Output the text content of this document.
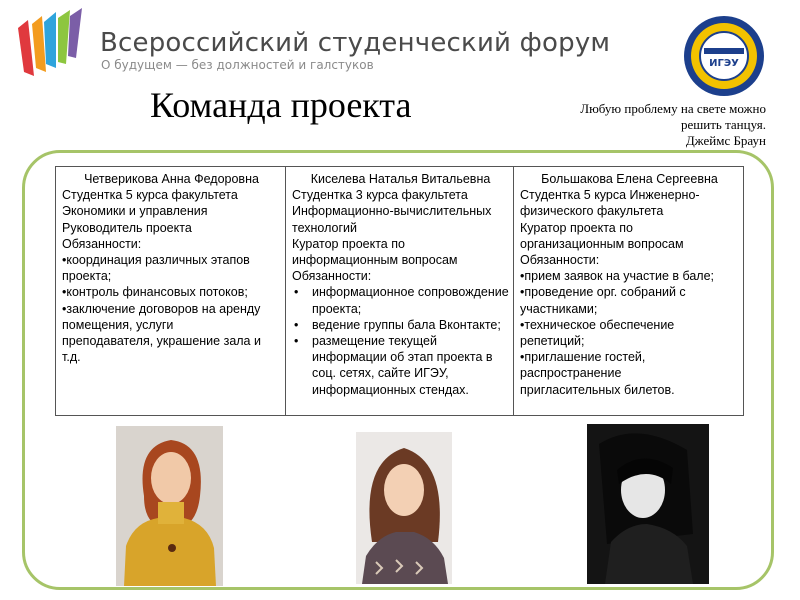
Всероссийский студенческий форум
О будущем — без должностей и галстуков	ИГЭУ
Команда проекта	Любую проблему на свете можно
решить танцуя.
Джеймс Браун
Четверикова Анна Федоровна
Студентка 5 курса факультета
Экономики и управления
Руководитель проекта
Обязанности:
•координация различных этапов
проекта;
•контроль финансовых потоков;
•заключение договоров на аренду
помещения, услуги
преподавателя, украшение зала и
т.д.

Киселева Наталья Витальевна
Студентка 3 курса факультета
Информационно-вычислительных
технологий
Куратор проекта по
информационным вопросам
Обязанности:
• информационное сопровождение проекта;
• ведение группы бала Вконтакте;
• размещение текущей информации об этап проекта в соц. сетях, сайте ИГЭУ, информационных стендах.

Большакова Елена Сергеевна
Студентка 5 курса Инженерно-
физического факультета
Куратор проекта по
организационным вопросам
Обязанности:
•прием заявок на участие в бале;
•проведение орг. собраний с
участниками;
•техническое обеспечение
репетиций;
•приглашение гостей,
распространение
пригласительных билетов.
